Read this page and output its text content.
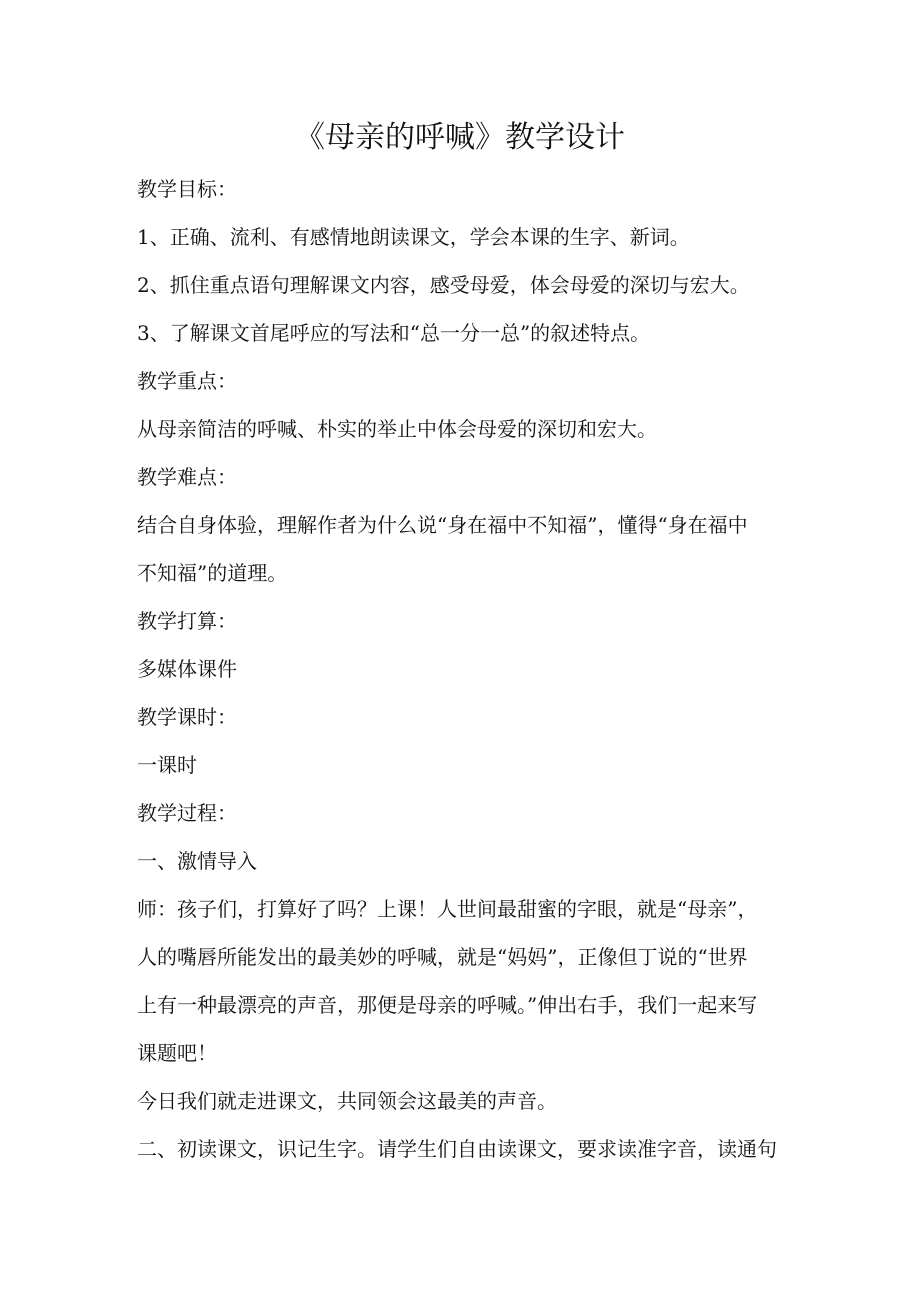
《母亲的呼喊》教学设计
教学目标：
1、正确、流利、有感情地朗读课文，学会本课的生字、新词。
2、抓住重点语句理解课文内容，感受母爱，体会母爱的深切与宏大。
3、了解课文首尾呼应的写法和“总一分一总”的叙述特点。
教学重点：
从母亲简洁的呼喊、朴实的举止中体会母爱的深切和宏大。
教学难点：
结合自身体验，理解作者为什么说“身在福中不知福”，懂得“身在福中
不知福”的道理。
教学打算：
多媒体课件
教学课时：
一课时
教学过程：
一、激情导入
师：孩子们，打算好了吗？上课！人世间最甜蜜的字眼，就是“母亲”，
人的嘴唇所能发出的最美妙的呼喊，就是“妈妈”，正像但丁说的“世界
上有一种最漂亮的声音，那便是母亲的呼喊。”伸出右手，我们一起来写
课题吧！
今日我们就走进课文，共同领会这最美的声音。
二、初读课文，识记生字。请学生们自由读课文，要求读准字音，读通句
